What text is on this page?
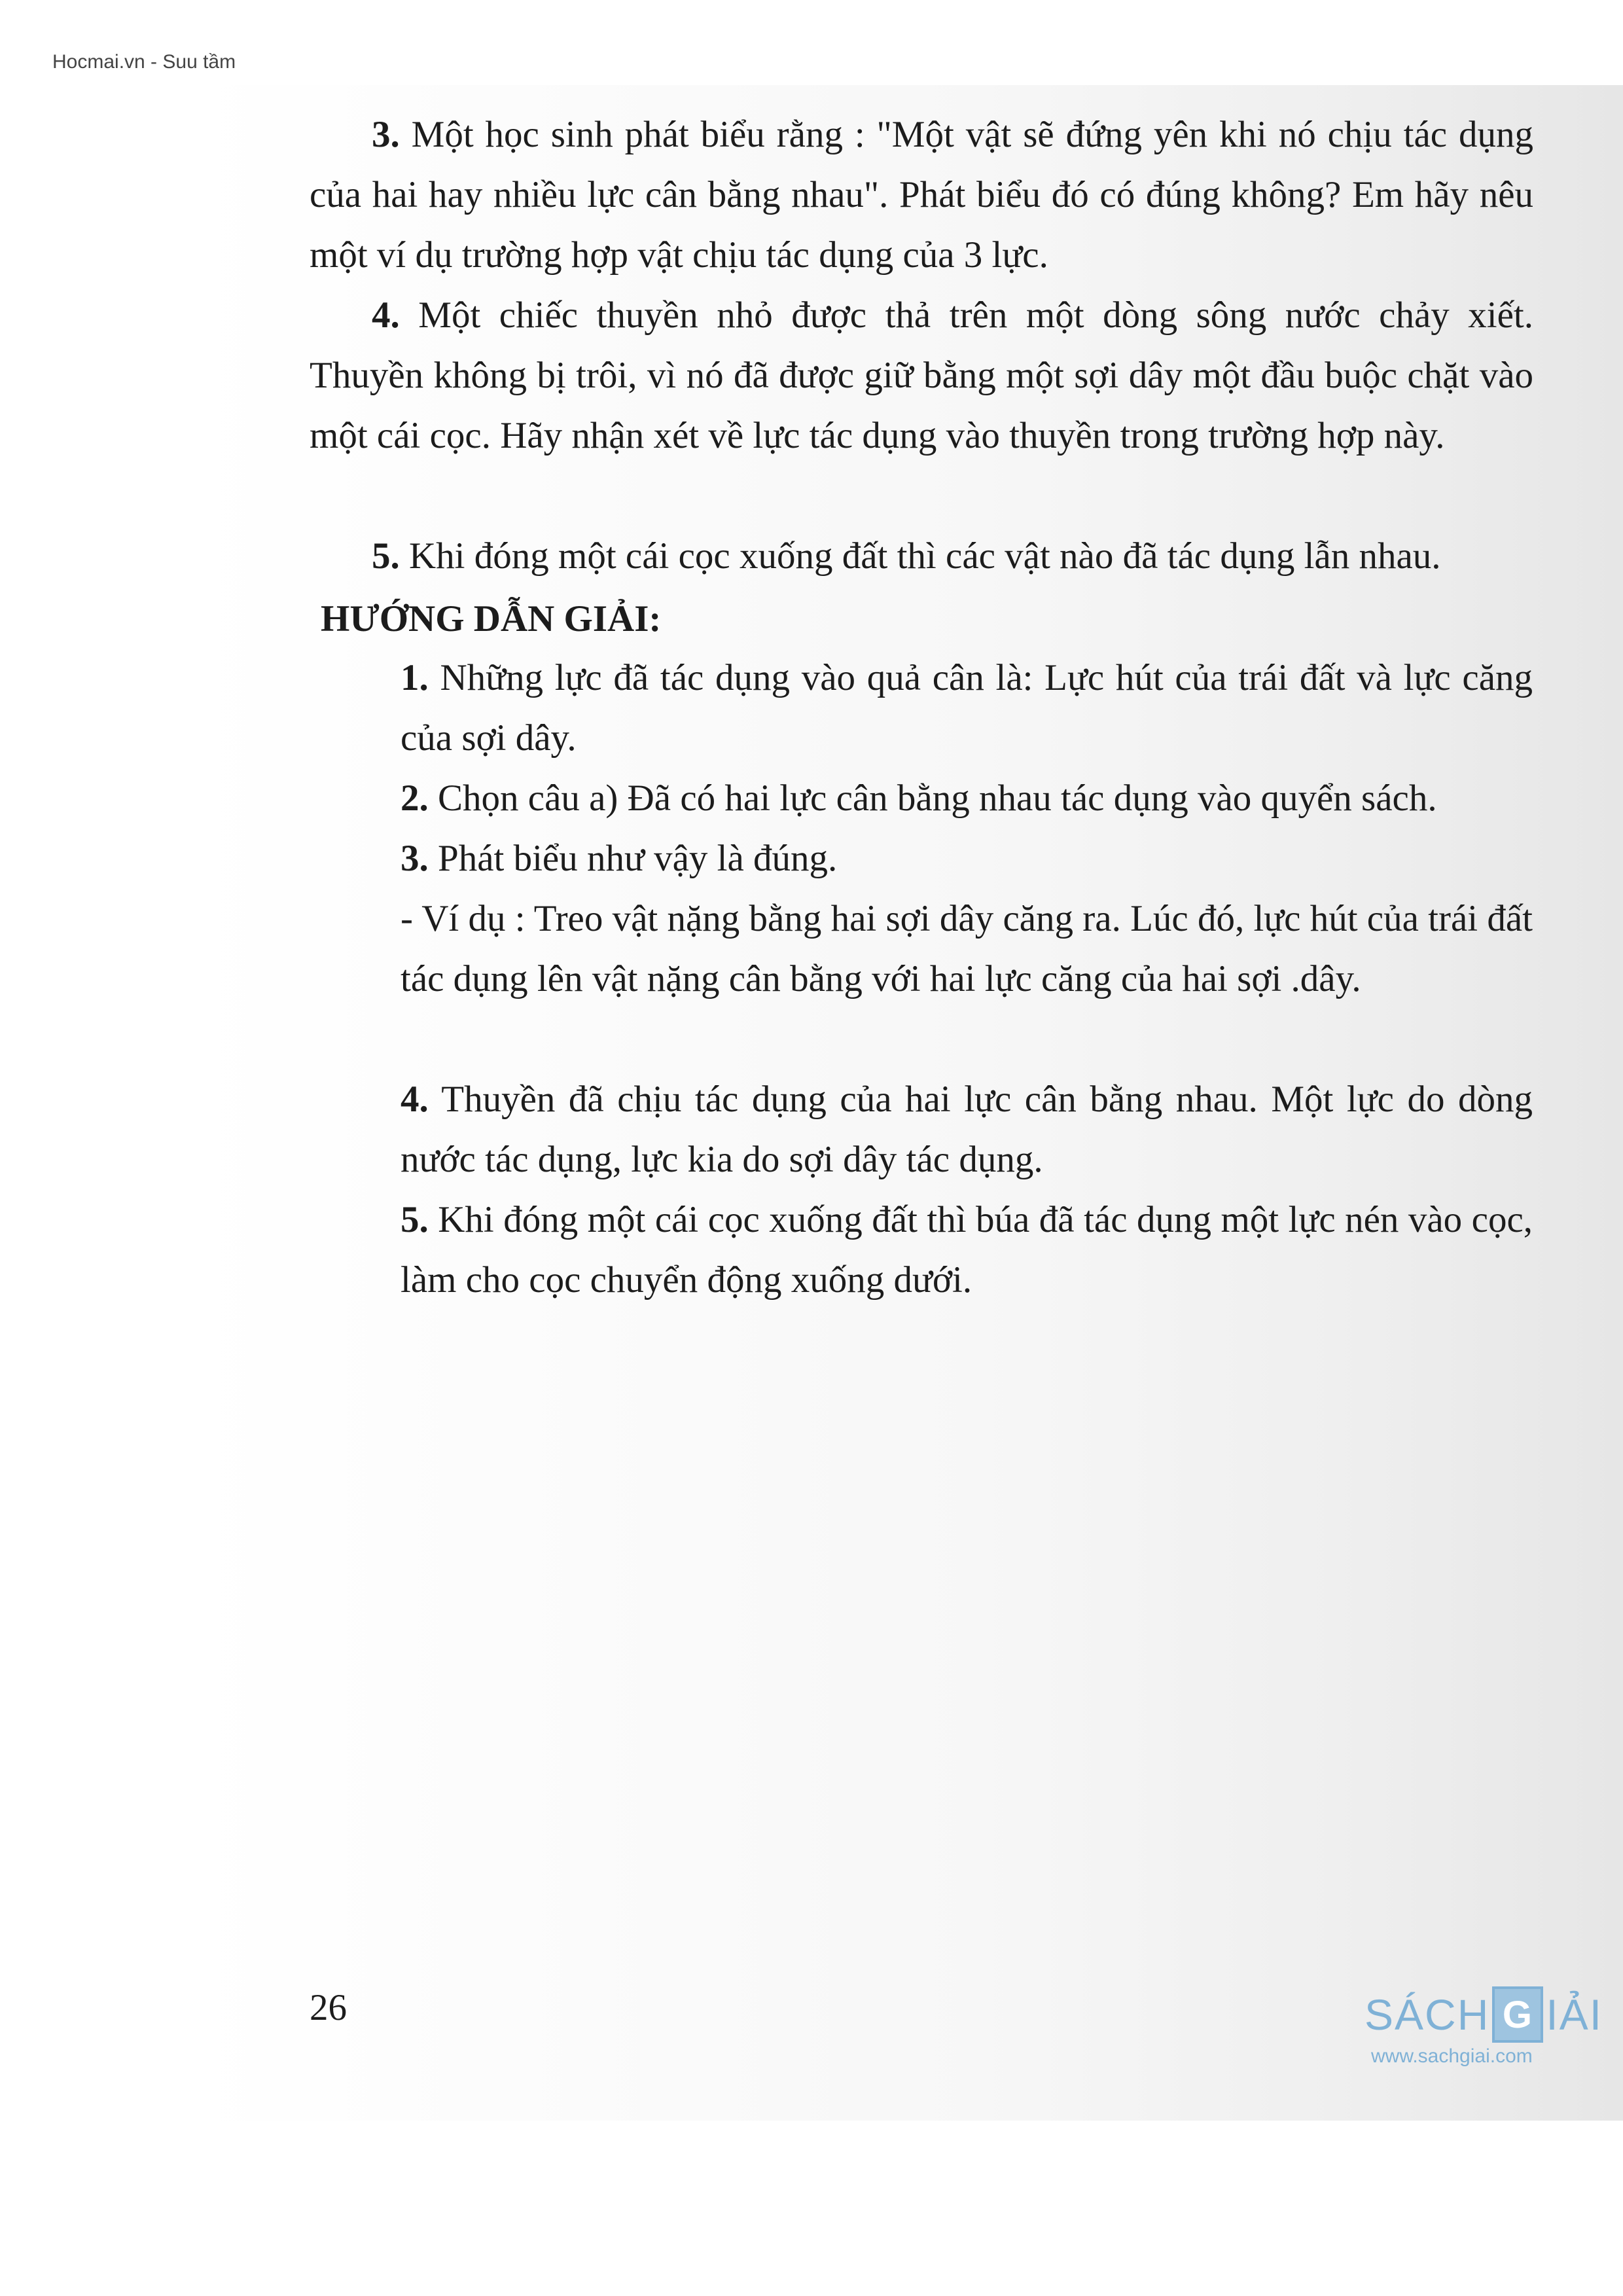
Hocmai.vn - Suu tầm

3. Một học sinh phát biểu rằng : "Một vật sẽ đứng yên khi nó chịu tác dụng của hai hay nhiều lực cân bằng nhau". Phát biểu đó có đúng không? Em hãy nêu một ví dụ trường hợp vật chịu tác dụng của 3 lực.

4. Một chiếc thuyền nhỏ được thả trên một dòng sông nước chảy xiết. Thuyền không bị trôi, vì nó đã được giữ bằng một sợi dây một đầu buộc chặt vào một cái cọc. Hãy nhận xét về lực tác dụng vào thuyền trong trường hợp này.

5. Khi đóng một cái cọc xuống đất thì các vật nào đã tác dụng lẫn nhau.

HƯỚNG DẪN GIẢI:

1. Những lực đã tác dụng vào quả cân là: Lực hút của trái đất và lực căng của sợi dây.

2. Chọn câu a) Đã có hai lực cân bằng nhau tác dụng vào quyển sách.

3. Phát biểu như vậy là đúng.

- Ví dụ : Treo vật nặng bằng hai sợi dây căng ra. Lúc đó, lực hút của trái đất tác dụng lên vật nặng cân bằng với hai lực căng của hai sợi .dây.

4. Thuyền đã chịu tác dụng của hai lực cân bằng nhau. Một lực do dòng nước tác dụng, lực kia do sợi dây tác dụng.

5. Khi đóng một cái cọc xuống đất thì búa đã tác dụng một lực nén vào cọc, làm cho cọc chuyển động xuống dưới.

26	SÁCH G IẢI
www.sachgiai.com
